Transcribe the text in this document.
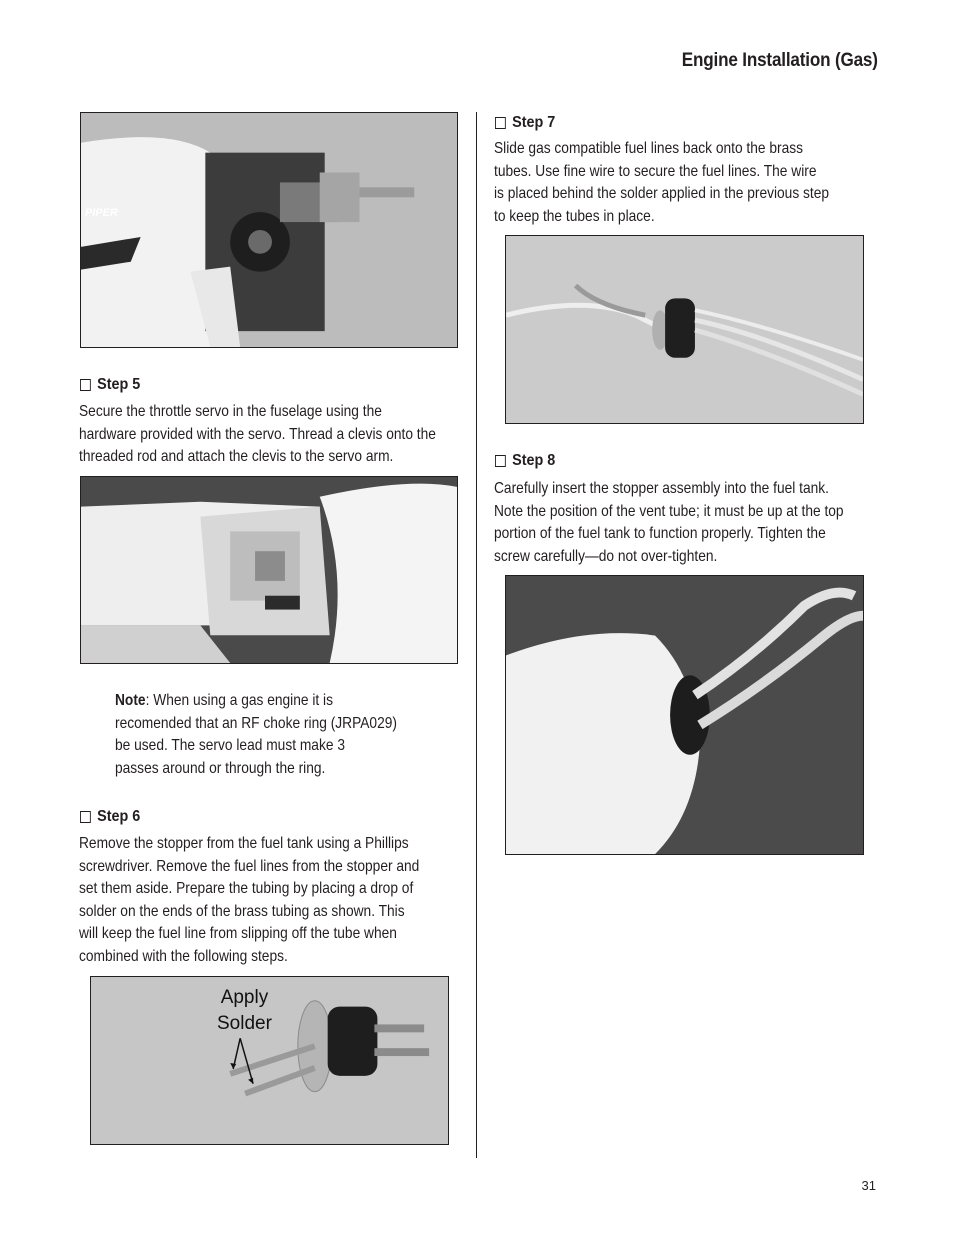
Engine Installation (Gas)
PIPER
Step 5
Secure the throttle servo in the fuselage using the
hardware provided with the servo. Thread a clevis onto the
threaded rod and attach the clevis to the servo arm.
Note: When using a gas engine it is
recomended that an RF choke ring (JRPA029)
be used. The servo lead must make 3
passes around or through the ring.
Step 6
Remove the stopper from the fuel tank using a Phillips
screwdriver. Remove the fuel lines from the stopper and
set them aside. Prepare the tubing by placing a drop of
solder on the ends of the brass tubing as shown. This
will keep the fuel line from slipping off the tube when
combined with the following steps.
Apply
Solder
Step 7
Slide gas compatible fuel lines back onto the brass
tubes. Use fine wire to secure the fuel lines. The wire
is placed behind the solder applied in the previous step
to keep the tubes in place.
Step 8
Carefully insert the stopper assembly into the fuel tank.
Note the position of the vent tube; it must be up at the top
portion of the fuel tank to function properly. Tighten the
screw carefully—do not over-tighten.
31
